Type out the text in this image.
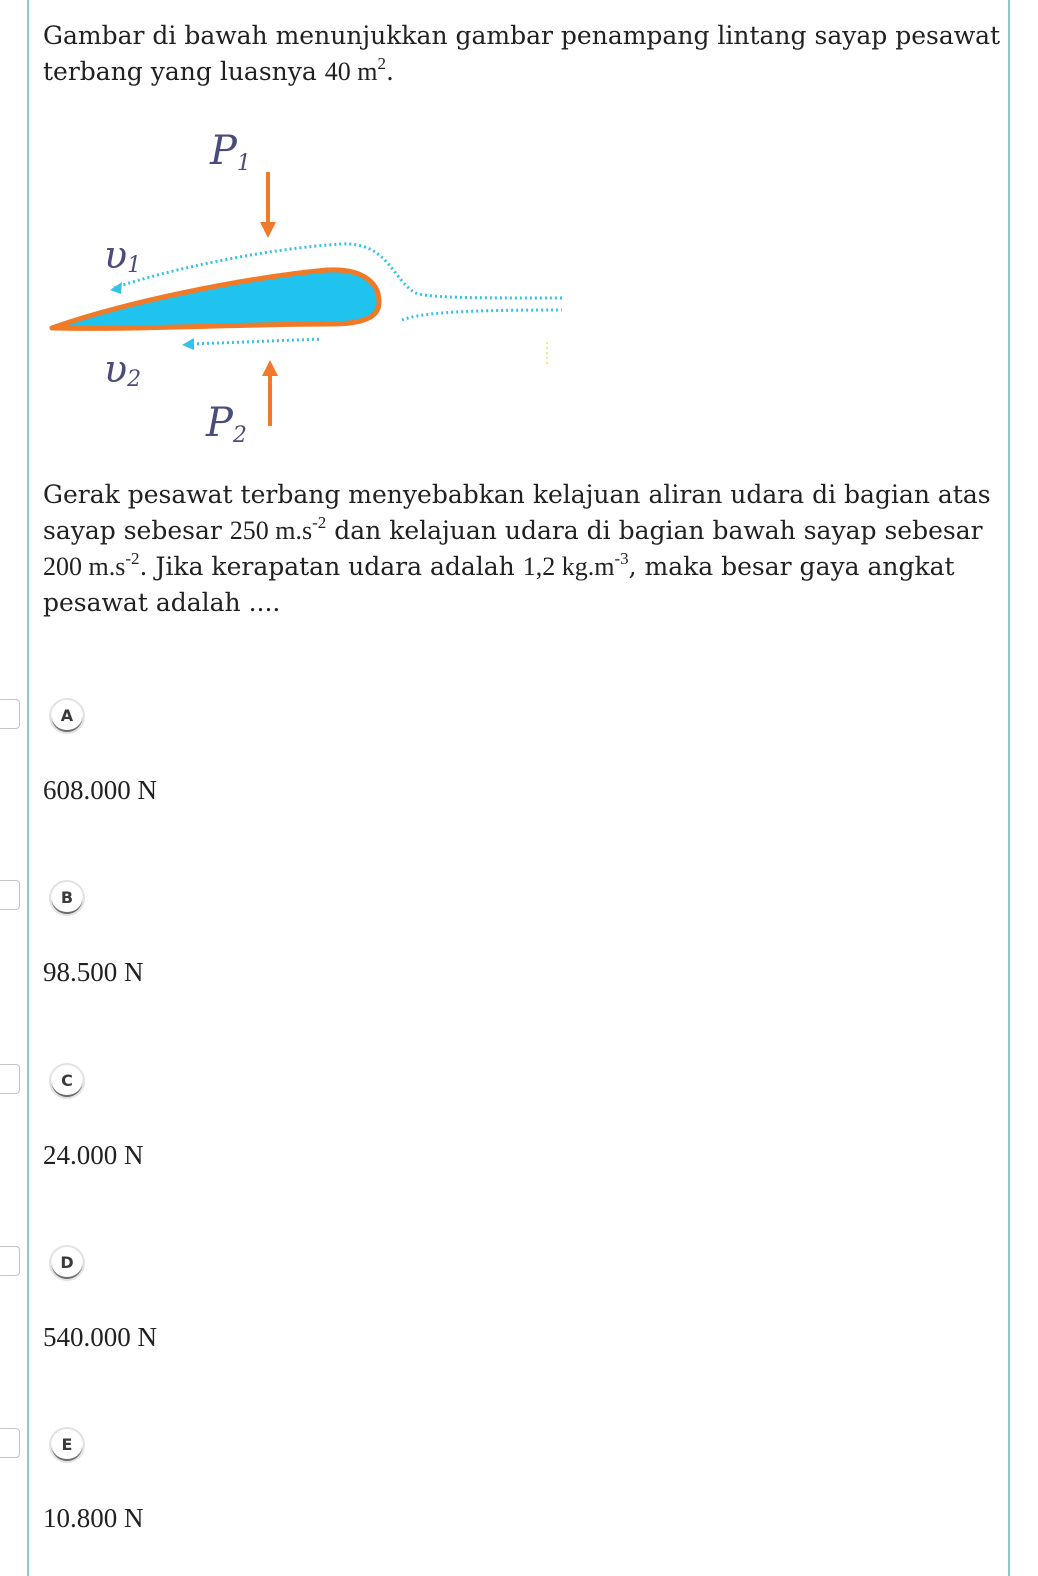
Gambar di bawah menunjukkan gambar penampang lintang sayap pesawat terbang yang luasnya 40 $m^2$.

P1
P2
υ1
υ2

Gerak pesawat terbang menyebabkan kelajuan aliran udara di bagian atas sayap sebesar 250 $m.s^{-2}$ dan kelajuan udara di bagian bawah sayap sebesar 200 $m.s^{-2}$. Jika kerapatan udara adalah 1,2 $kg.m^{-3}$, maka besar gaya angkat pesawat adalah ....

A
608.000 N
B
98.500 N
C
24.000 N
D
540.000 N
E
10.800 N
